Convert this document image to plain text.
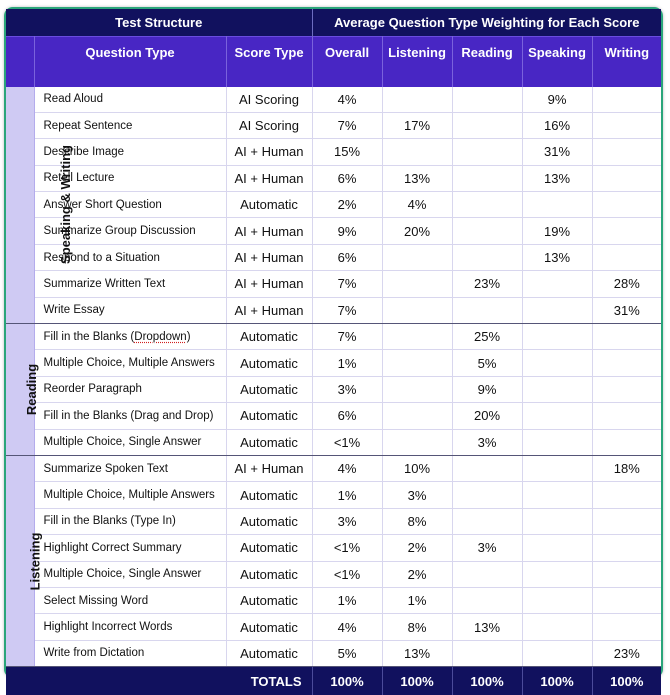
Test Structure			Average Question Type Weighting for Each Score				
	Question Type	Score Type	Overall	Listening	Reading	Speaking	Writing
Speaking & Writing	Read Aloud	AI Scoring	4%			9%	
	Repeat Sentence	AI Scoring	7%	17%		16%	
	Describe Image	AI + Human	15%			31%	
	Retell Lecture	AI + Human	6%	13%		13%	
	Answer Short Question	Automatic	2%	4%			
	Summarize Group Discussion	AI + Human	9%	20%		19%	
	Respond to a Situation	AI + Human	6%			13%	
	Summarize Written Text	AI + Human	7%		23%		28%
	Write Essay	AI + Human	7%				31%
Reading	Fill in the Blanks (Dropdown)	Automatic	7%		25%		
	Multiple Choice, Multiple Answers	Automatic	1%		5%		
	Reorder Paragraph	Automatic	3%		9%		
	Fill in the Blanks (Drag and Drop)	Automatic	6%		20%		
	Multiple Choice, Single Answer	Automatic	<1%		3%		
Listening	Summarize Spoken Text	AI + Human	4%	10%			18%
	Multiple Choice, Multiple Answers	Automatic	1%	3%			
	Fill in the Blanks (Type In)	Automatic	3%	8%			
	Highlight Correct Summary	Automatic	<1%	2%	3%		
	Multiple Choice, Single Answer	Automatic	<1%	2%			
	Select Missing Word	Automatic	1%	1%			
	Highlight Incorrect Words	Automatic	4%	8%	13%		
	Write from Dictation	Automatic	5%	13%			23%
TOTALS			100%	100%	100%	100%	100%
